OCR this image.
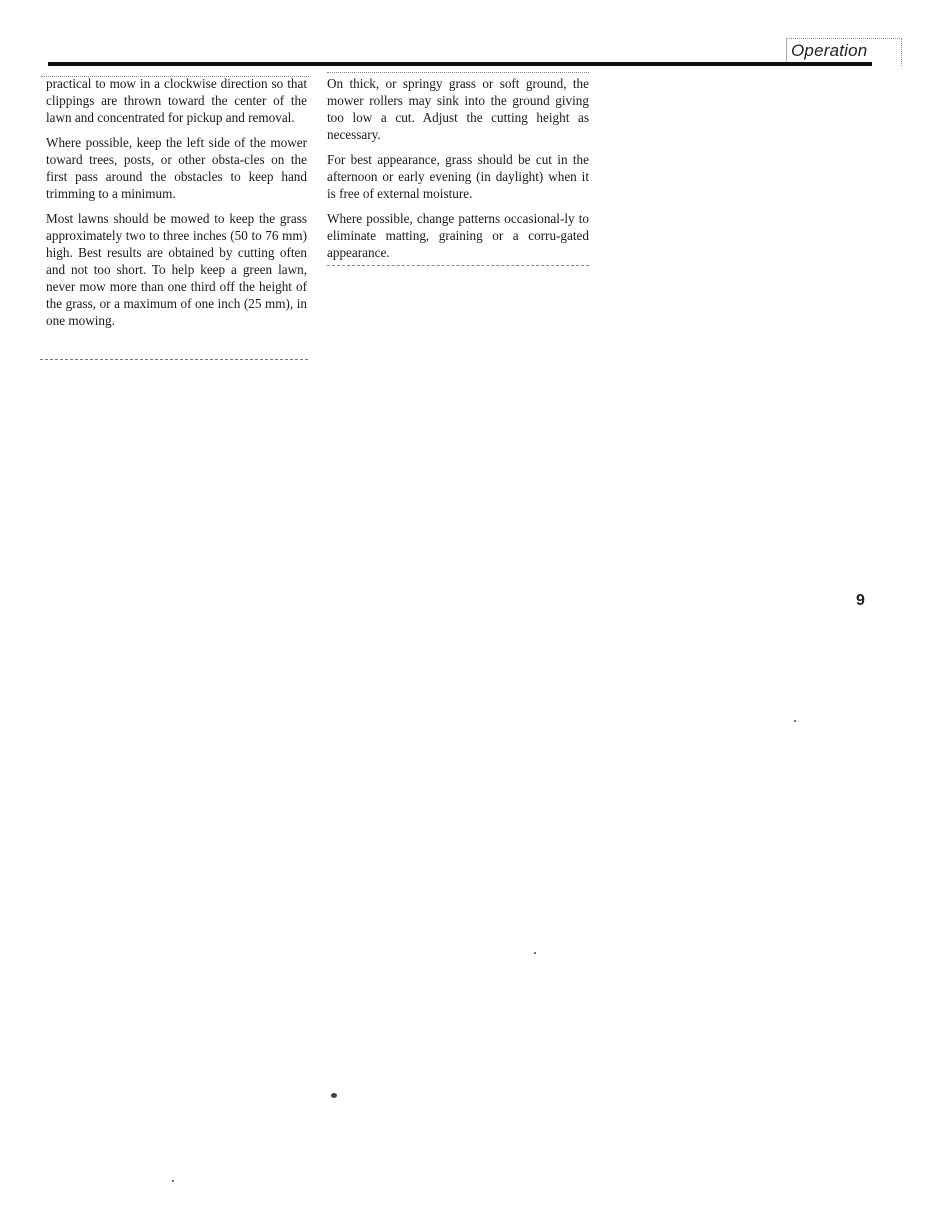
Operation

practical to mow in a clockwise direction so that clippings are thrown toward the center of the lawn and concentrated for pickup and removal.

Where possible, keep the left side of the mower toward trees, posts, or other obsta-cles on the first pass around the obstacles to keep hand trimming to a minimum.

Most lawns should be mowed to keep the grass approximately two to three inches (50 to 76 mm) high. Best results are obtained by cutting often and not too short. To help keep a green lawn, never mow more than one third off the height of the grass, or a maximum of one inch (25 mm), in one mowing.

On thick, or springy grass or soft ground, the mower rollers may sink into the ground giving too low a cut. Adjust the cutting height as necessary.

For best appearance, grass should be cut in the afternoon or early evening (in daylight) when it is free of external moisture.

Where possible, change patterns occasional-ly to eliminate matting, graining or a corru-gated appearance.

9
